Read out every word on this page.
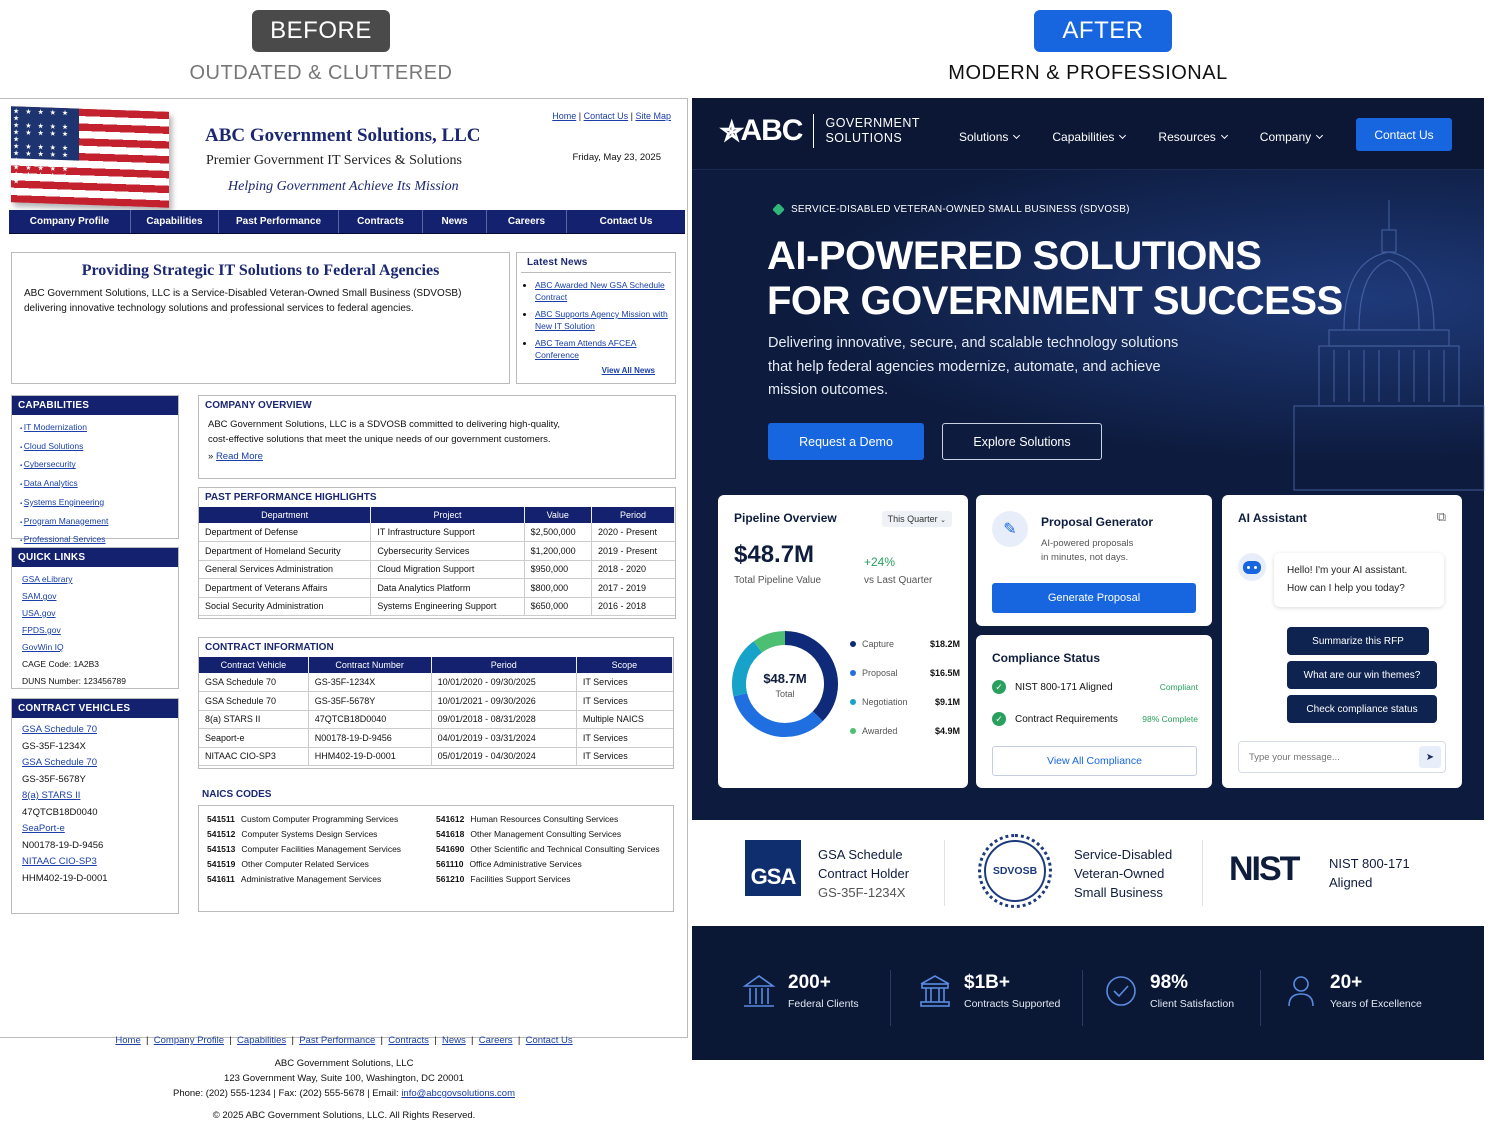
BEFORE
OUTDATED & CLUTTERED
★ ★ ★ ★ ★ ★
★ ★ ★ ★ ★
★ ★ ★ ★ ★ ★
★ ★ ★ ★ ★
★ ★ ★ ★ ★ ★
★ ★ ★ ★ ★
★ ★ ★ ★ ★ ★
ABC Government Solutions, LLC
Premier Government IT Services & Solutions
Helping Government Achieve Its Mission
Home | Contact Us | Site Map
Friday, May 23, 2025
Company Profile	Capabilities	Past Performance	Contracts	News	Careers	Contact Us
Providing Strategic IT Solutions to Federal Agencies

ABC Government Solutions, LLC is a Service-Disabled Veteran-Owned Small Business (SDVOSB) delivering innovative technology solutions and professional services to federal agencies.

Latest News
• ABC Awarded New GSA Schedule Contract
• ABC Supports Agency Mission with New IT Solution
• ABC Team Attends AFCEA Conference
View All News
CAPABILITIES
▪ IT Modernization
▪ Cloud Solutions
▪ Cybersecurity
▪ Data Analytics
▪ Systems Engineering
▪ Program Management
▪ Professional Services
QUICK LINKS
GSA eLibrary
SAM.gov
USA.gov
FPDS.gov
GovWin IQ
CAGE Code: 1A2B3
DUNS Number: 123456789
CONTRACT VEHICLES
GSA Schedule 70
GS-35F-1234X
GSA Schedule 70
GS-35F-5678Y
8(a) STARS II
47QTCB18D0040
SeaPort-e
N00178-19-D-9456
NITAAC CIO-SP3
HHM402-19-D-0001
COMPANY OVERVIEW
ABC Government Solutions, LLC is a SDVOSB committed to delivering high-quality, cost-effective solutions that meet the unique needs of our government customers.
» Read More
PAST PERFORMANCE HIGHLIGHTS
Department	Project	Value	Period
Department of Defense	IT Infrastructure Support	$2,500,000	2020 - Present
Department of Homeland Security	Cybersecurity Services	$1,200,000	2019 - Present
General Services Administration	Cloud Migration Support	$950,000	2018 - 2020
Department of Veterans Affairs	Data Analytics Platform	$800,000	2017 - 2019
Social Security Administration	Systems Engineering Support	$650,000	2016 - 2018
CONTRACT INFORMATION
Contract Vehicle	Contract Number	Period	Scope
GSA Schedule 70	GS-35F-1234X	10/01/2020 - 09/30/2025	IT Services
GSA Schedule 70	GS-35F-5678Y	10/01/2021 - 09/30/2026	IT Services
8(a) STARS II	47QTCB18D0040	09/01/2018 - 08/31/2028	Multiple NAICS
Seaport-e	N00178-19-D-9456	04/01/2019 - 03/31/2024	IT Services
NITAAC CIO-SP3	HHM402-19-D-0001	05/01/2019 - 04/30/2024	IT Services
NAICS CODES
541511 Custom Computer Programming Services	541612 Human Resources Consulting Services
541512 Computer Systems Design Services	541618 Other Management Consulting Services
541513 Computer Facilities Management Services	541690 Other Scientific and Technical Consulting Services
541519 Other Computer Related Services	561110 Office Administrative Services
541611 Administrative Management Services	561210 Facilities Support Services
Home  |  Company Profile  |  Capabilities  |  Past Performance  |  Contracts  |  News  |  Careers  |  Contact Us
ABC Government Solutions, LLC
123 Government Way, Suite 100, Washington, DC 20001
Phone: (202) 555-1234 | Fax: (202) 555-5678 | Email: info@abcgovsolutions.com
© 2025 ABC Government Solutions, LLC. All Rights Reserved.
AFTER
MODERN & PROFESSIONAL
✯
ABC GOVERNMENT
SOLUTIONS	Solutions	Capabilities	Resources	Company	Contact Us
SERVICE-DISABLED VETERAN-OWNED SMALL BUSINESS (SDVOSB)
AI-POWERED SOLUTIONS
FOR GOVERNMENT SUCCESS
Delivering innovative, secure, and scalable technology solutions that help federal agencies modernize, automate, and achieve mission outcomes.
Request a Demo	Explore Solutions
Pipeline Overview	This Quarter ⌄
$48.7M
Total Pipeline Value
+24%
vs Last Quarter
$48.7M
Total
Capture	$18.2M
Proposal	$16.5M
Negotiation	$9.1M
Awarded	$4.9M
✎	Proposal Generator
AI-powered proposals
in minutes, not days.
Generate Proposal
Compliance Status
✓	NIST 800-171 Aligned	Compliant
✓	Contract Requirements	98% Complete
View All Compliance
AI Assistant	⧉
Hello! I'm your AI assistant.
How can I help you today?
Summarize this RFP
What are our win themes?
Check compliance status
Type your message...
➤
GSA
GSA Schedule
Contract Holder
GS-35F-1234X
SDVOSB
Service-Disabled
Veteran-Owned
Small Business
NIST NIST 800-171
Aligned
200+
Federal Clients
$1B+
Contracts Supported
98%
Client Satisfaction
20+
Years of Excellence
